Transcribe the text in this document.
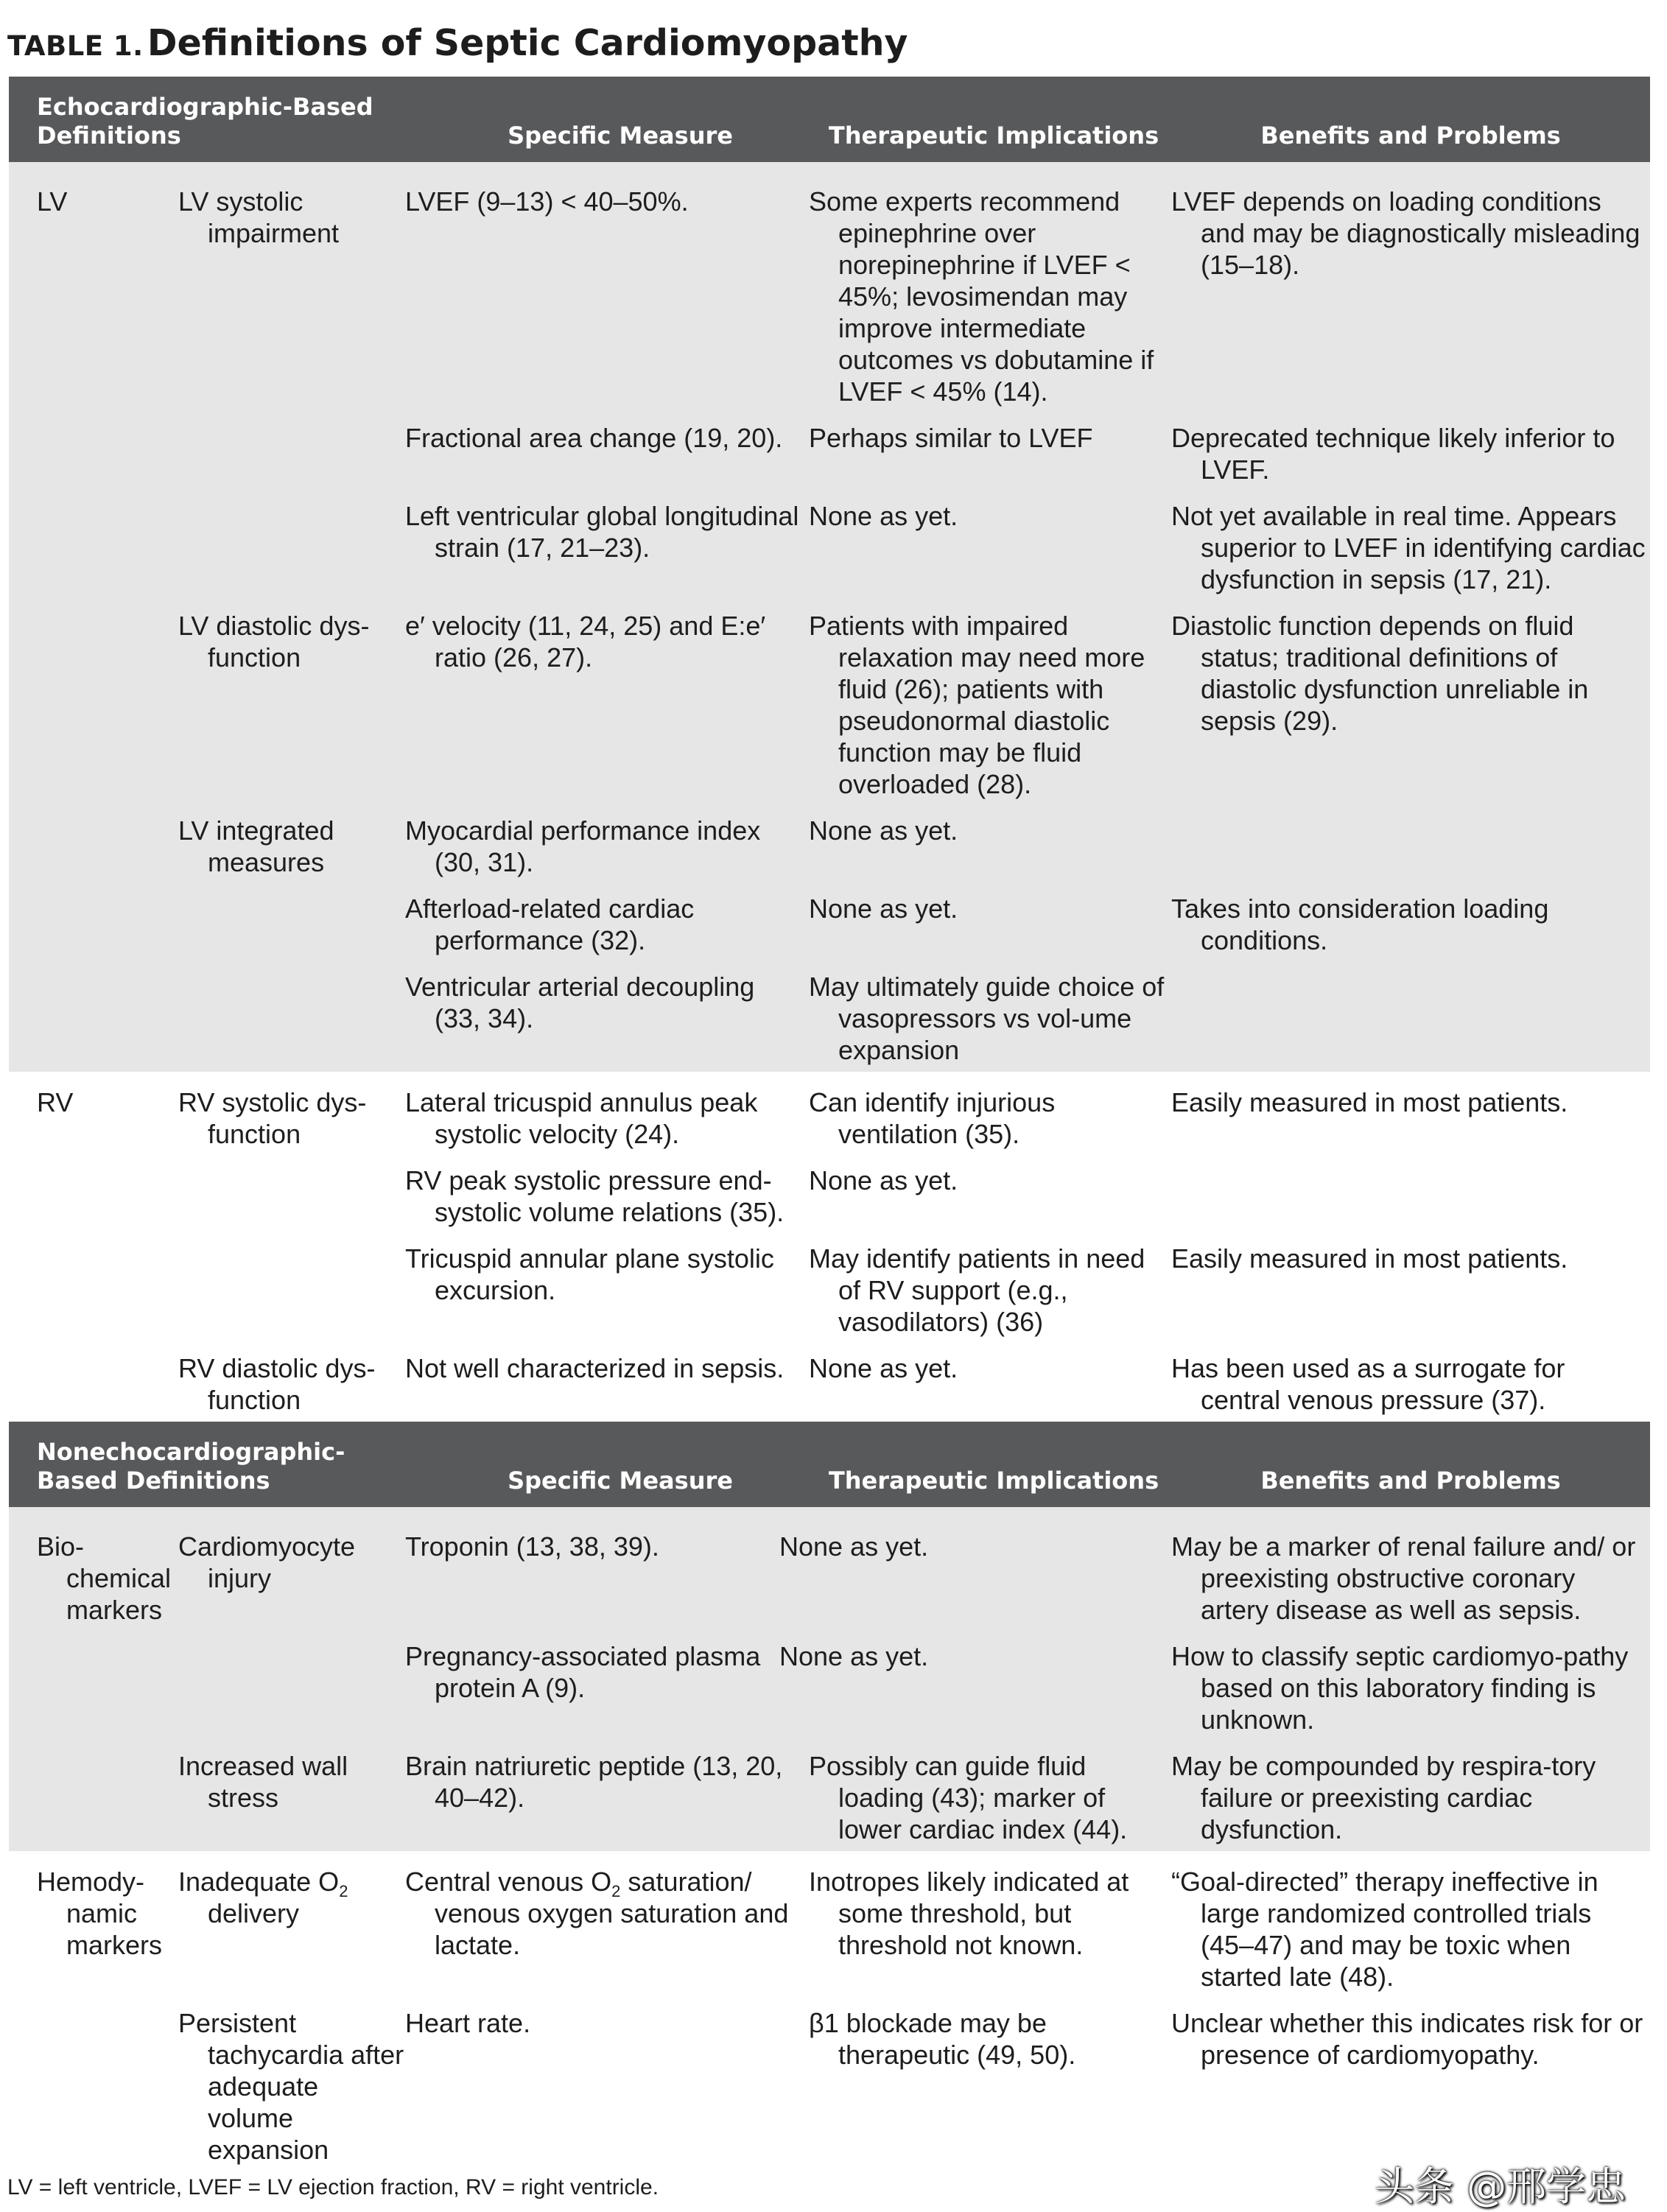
TABLE 1. Definitions of Septic Cardiomyopathy
Echocardiographic-Based Definitions		Specific Measure	Therapeutic Implications	Benefits and Problems
LV	LV systolic impairment	LVEF (9–13) < 40–50%.	Some experts recommend epinephrine over norepinephrine if LVEF < 45%; levosimendan may improve intermediate outcomes vs dobutamine if LVEF < 45% (14).	LVEF depends on loading conditions and may be diagnostically misleading (15–18).

		Fractional area change (19, 20).	Perhaps similar to LVEF	Deprecated technique likely inferior to LVEF.

		Left ventricular global longitudinal strain (17, 21–23).	None as yet.	Not yet available in real time. Appears superior to LVEF in identifying cardiac dysfunction in sepsis (17, 21).

	LV diastolic dys-function	e′ velocity (11, 24, 25) and E:e′ ratio (26, 27).	Patients with impaired relaxation may need more fluid (26); patients with pseudonormal diastolic function may be fluid overloaded (28).	Diastolic function depends on fluid status; traditional definitions of diastolic dysfunction unreliable in sepsis (29).

	LV integrated measures	Myocardial performance index (30, 31).	None as yet.	

		Afterload-related cardiac performance (32).	None as yet.	Takes into consideration loading conditions.

		Ventricular arterial decoupling (33, 34).	May ultimately guide choice of vasopressors vs vol-ume expansion	

RV	RV systolic dys-function	Lateral tricuspid annulus peak systolic velocity (24).	Can identify injurious ventilation (35).	Easily measured in most patients.

		RV peak systolic pressure end-systolic volume relations (35).	None as yet.	

		Tricuspid annular plane systolic excursion.	May identify patients in need of RV support (e.g., vasodilators) (36)	Easily measured in most patients.

	RV diastolic dys-function	Not well characterized in sepsis.	None as yet.	Has been used as a surrogate for central venous pressure (37).

Nonechocardiographic-Based Definitions		Specific Measure	Therapeutic Implications	Benefits and Problems

Bio-chemical markers	Cardiomyocyte injury	Troponin (13, 38, 39).	None as yet.	May be a marker of renal failure and/ or preexisting obstructive coronary artery disease as well as sepsis.

		Pregnancy-associated plasma protein A (9).	None as yet.	How to classify septic cardiomyo-pathy based on this laboratory finding is unknown.

	Increased wall stress	Brain natriuretic peptide (13, 20, 40–42).	Possibly can guide fluid loading (43); marker of lower cardiac index (44).	May be compounded by respira-tory failure or preexisting cardiac dysfunction.

Hemody-namic markers	Inadequate $O_2$ delivery	Central venous $O_2$ saturation/ venous oxygen saturation and lactate.	Inotropes likely indicated at some threshold, but threshold not known.	“Goal-directed” therapy ineffective in large randomized controlled trials (45–47) and may be toxic when started late (48).

	Persistent tachycardia after adequate volume expansion	Heart rate.	β1 blockade may be therapeutic (49, 50).	Unclear whether this indicates risk for or presence of cardiomyopathy.
LV = left ventricle, LVEF = LV ejection fraction, RV = right ventricle.	头条 @邢学忠
